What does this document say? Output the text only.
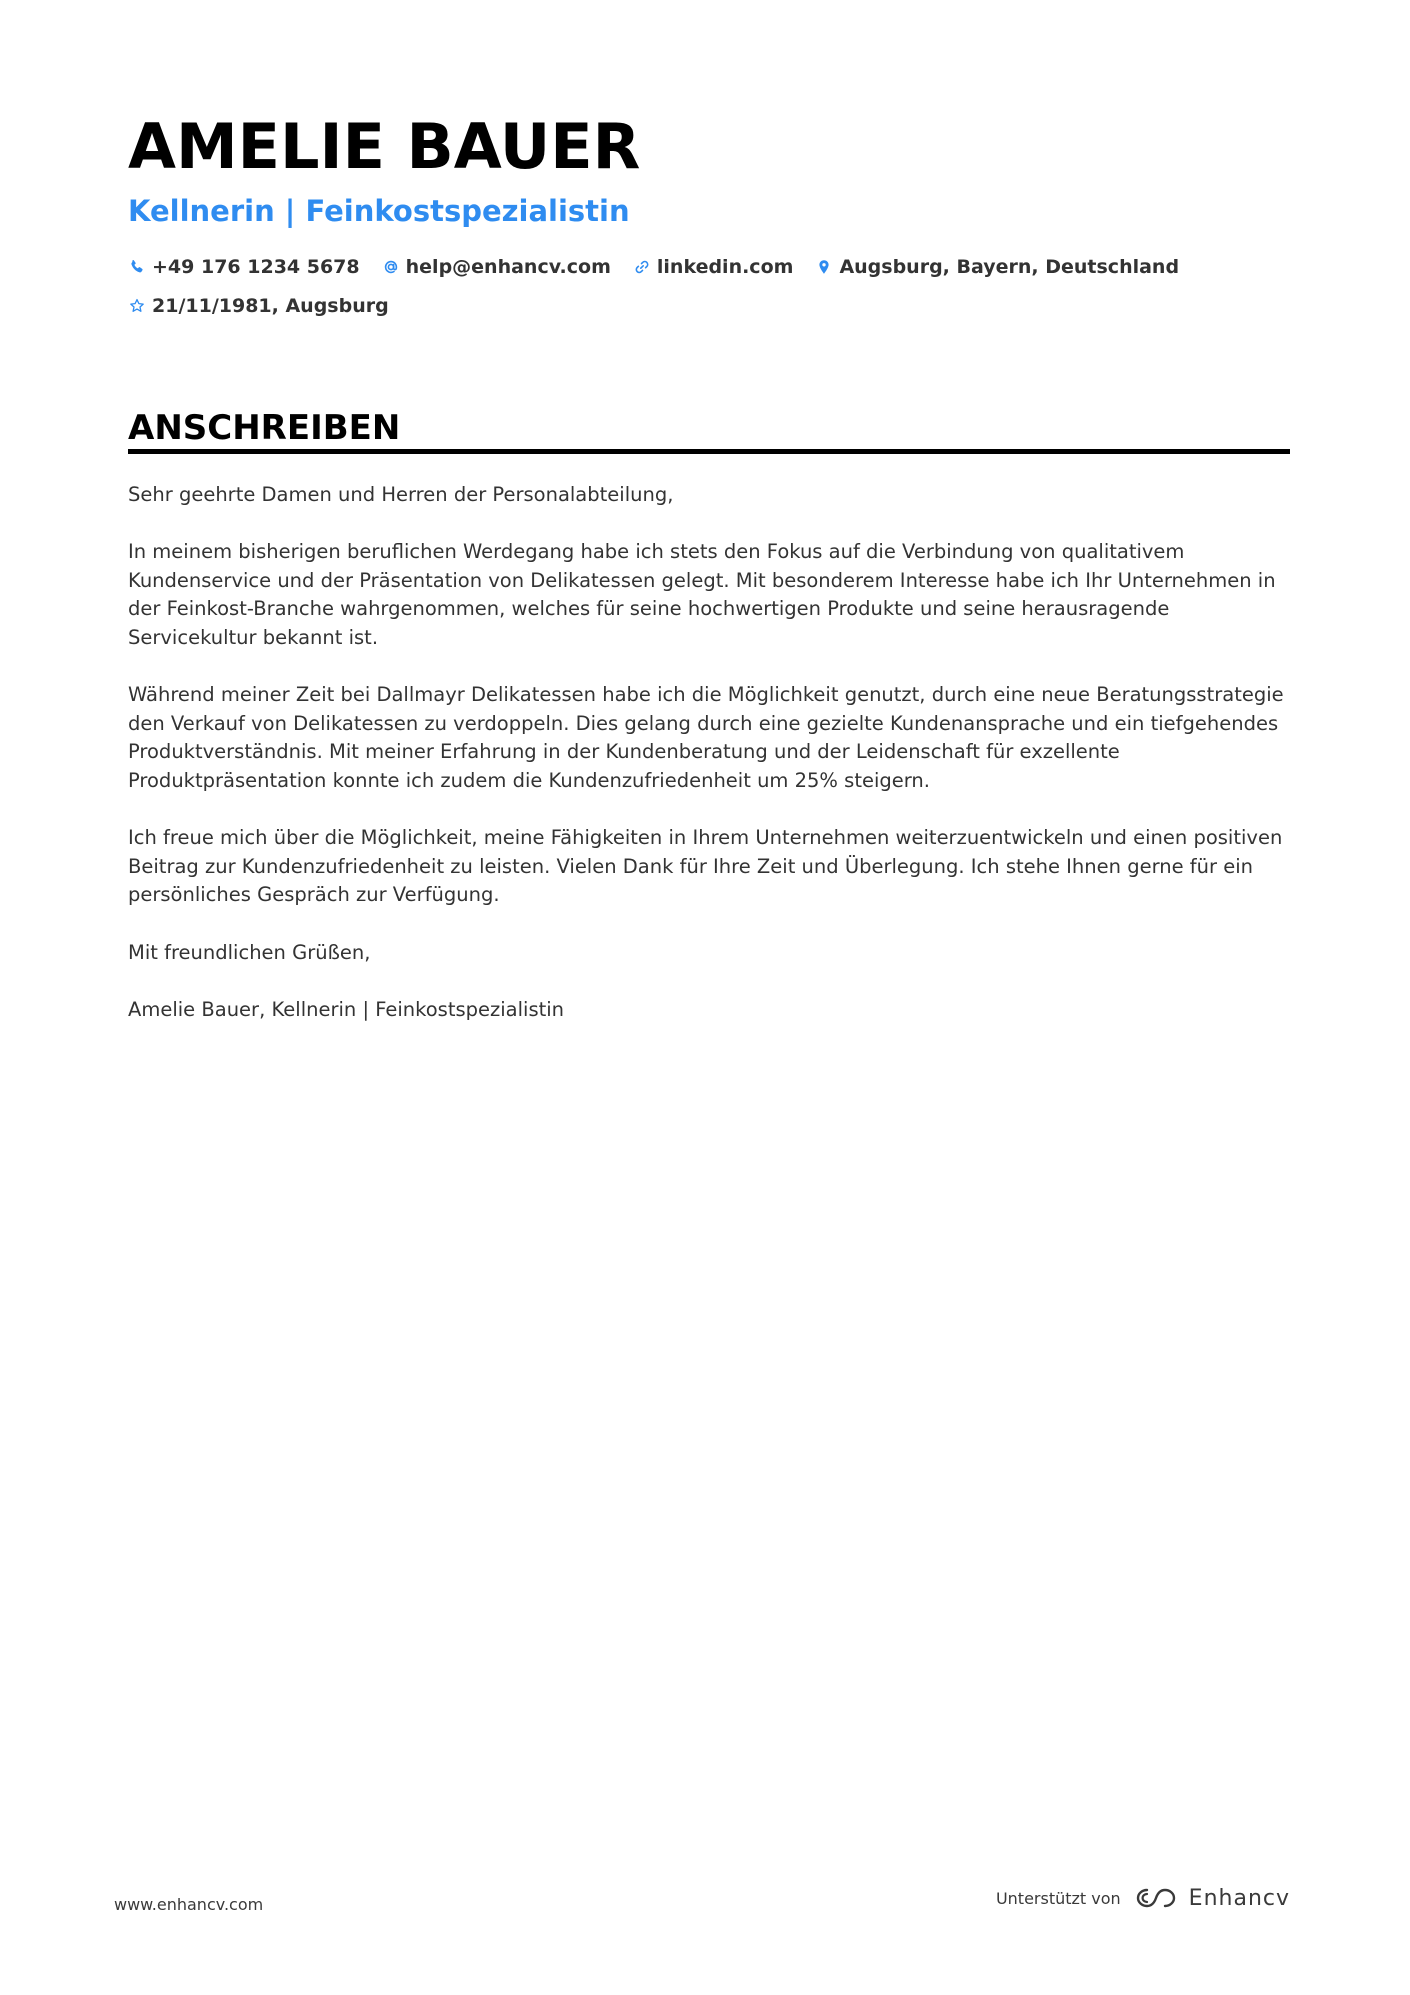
AMELIE BAUER
Kellnerin | Feinkostspezialistin
+49 176 1234 5678 help@enhancv.com linkedin.com Augsburg, Bayern, Deutschland
21/11/1981, Augsburg
ANSCHREIBEN

Sehr geehrte Damen und Herren der Personalabteilung,

In meinem bisherigen beruflichen Werdegang habe ich stets den Fokus auf die Verbindung von qualitativem Kundenservice und der Präsentation von Delikatessen gelegt. Mit besonderem Interesse habe ich Ihr Unternehmen in der Feinkost-Branche wahrgenommen, welches für seine hochwertigen Produkte und seine herausragende Servicekultur bekannt ist.

Während meiner Zeit bei Dallmayr Delikatessen habe ich die Möglichkeit genutzt, durch eine neue Beratungsstrategie den Verkauf von Delikatessen zu verdoppeln. Dies gelang durch eine gezielte Kundenansprache und ein tiefgehendes Produktverständnis. Mit meiner Erfahrung in der Kundenberatung und der Leidenschaft für exzellente Produktpräsentation konnte ich zudem die Kundenzufriedenheit um 25% steigern.

Ich freue mich über die Möglichkeit, meine Fähigkeiten in Ihrem Unternehmen weiterzuentwickeln und einen positiven Beitrag zur Kundenzufriedenheit zu leisten. Vielen Dank für Ihre Zeit und Überlegung. Ich stehe Ihnen gerne für ein persönliches Gespräch zur Verfügung.

Mit freundlichen Grüßen,

Amelie Bauer, Kellnerin | Feinkostspezialistin

www.enhancv.com	Unterstützt von	Enhancv
